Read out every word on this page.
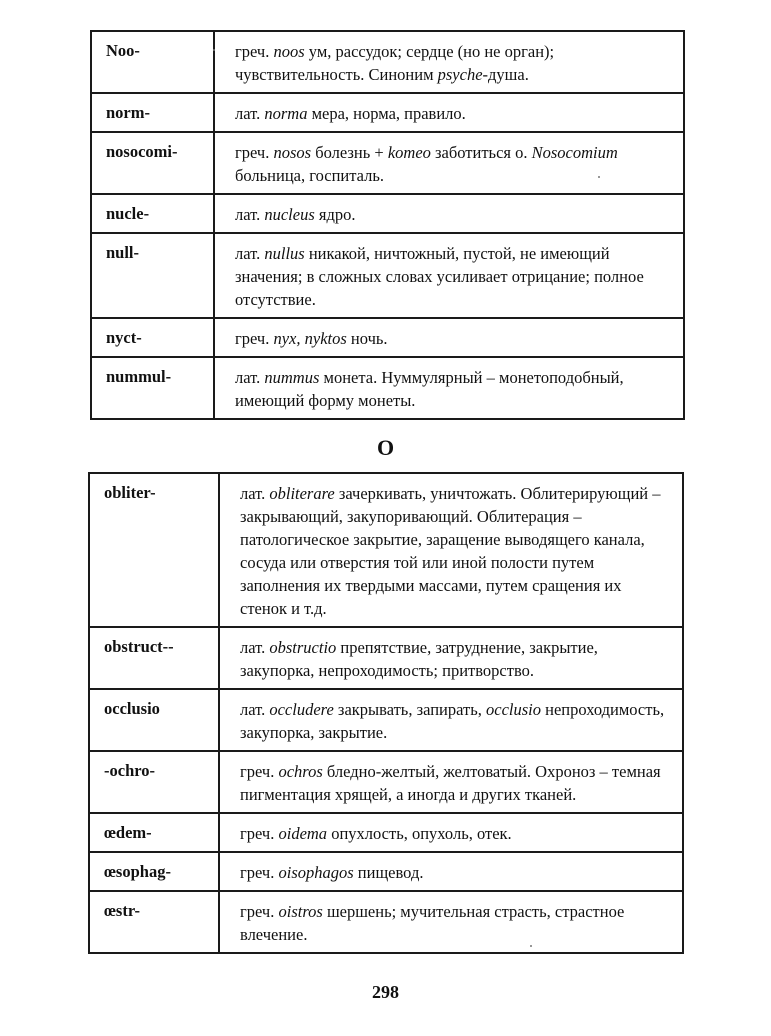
Noo-	греч. noos ум, рассудок; сердце (но не орган); чувствительность. Синоним psyche-душа.
norm-	лат. norma мера, норма, правило.
nosocomi-	греч. nosos болезнь + komeo заботиться о. Nosocomium больница, госпиталь.
nucle-	лат. nucleus ядро.
null-	лат. nullus никакой, ничтожный, пустой, не имеющий значения; в сложных словах усиливает отрицание; полное отсутствие.
nyct-	греч. nyx, nyktos ночь.
nummul-	лат. nummus монета. Нуммулярный – монетоподобный, имеющий форму монеты.
О
obliter-	лат. obliterare зачеркивать, уничтожать. Облитерирующий – закрывающий, закупоривающий. Облитерация – патологическое закрытие, заращение выводящего канала, сосуда или отверстия той или иной полости путем заполнения их твердыми массами, путем сращения их стенок и т.д.
obstruct--	лат. obstructio препятствие, затруднение, закрытие, закупорка, непроходимость; притворство.
occlusio	лат. occludere закрывать, запирать, occlusio непроходимость, закупорка, закрытие.
-ochro-	греч. ochros бледно-желтый, желтоватый. Охроноз – темная пигментация хрящей, а иногда и других тканей.
œdem-	греч. oidema опухлость, опухоль, отек.
œsophag-	греч. oisophagos пищевод.
œstr-	греч. oistros шершень; мучительная страсть, страстное влечение.
298
